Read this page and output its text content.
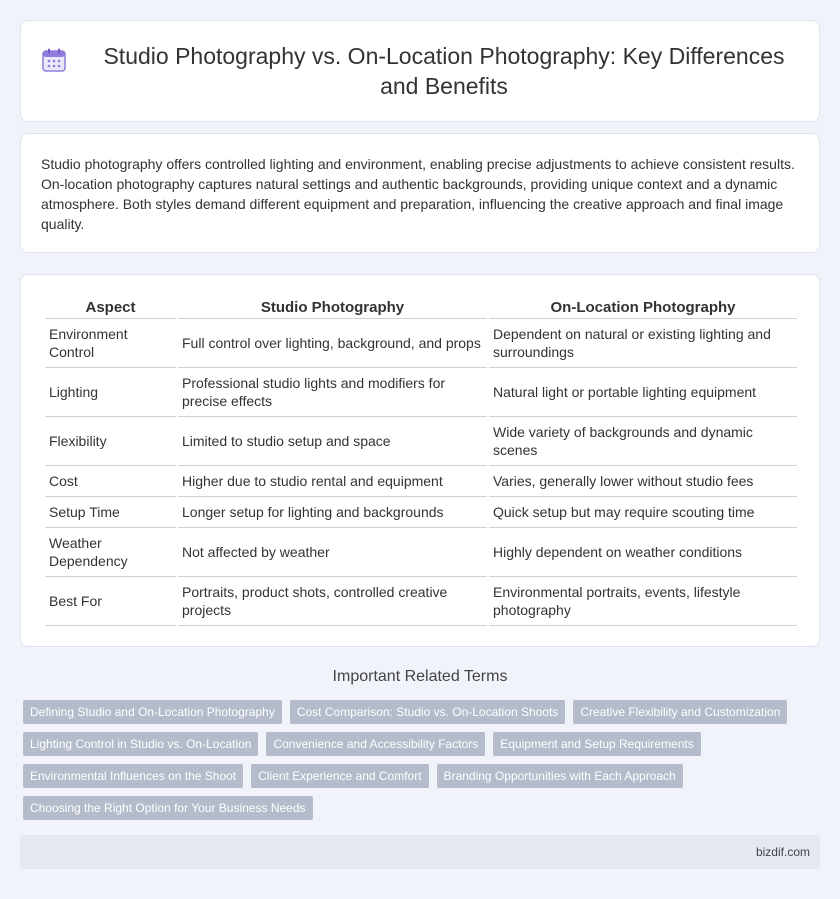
Studio Photography vs. On-Location Photography: Key Differences and Benefits

Studio photography offers controlled lighting and environment, enabling precise adjustments to achieve consistent results. On-location photography captures natural settings and authentic backgrounds, providing unique context and a dynamic atmosphere. Both styles demand different equipment and preparation, influencing the creative approach and final image quality.

Aspect	Studio Photography	On-Location Photography
Environment Control	Full control over lighting, background, and props	Dependent on natural or existing lighting and surroundings
Lighting	Professional studio lights and modifiers for precise effects	Natural light or portable lighting equipment
Flexibility	Limited to studio setup and space	Wide variety of backgrounds and dynamic scenes
Cost	Higher due to studio rental and equipment	Varies, generally lower without studio fees
Setup Time	Longer setup for lighting and backgrounds	Quick setup but may require scouting time
Weather Dependency	Not affected by weather	Highly dependent on weather conditions
Best For	Portraits, product shots, controlled creative projects	Environmental portraits, events, lifestyle photography
Important Related Terms
Defining Studio and On-Location Photography	Cost Comparison: Studio vs. On-Location Shoots	Creative Flexibility and Customization
Lighting Control in Studio vs. On-Location	Convenience and Accessibility Factors	Equipment and Setup Requirements
Environmental Influences on the Shoot	Client Experience and Comfort	Branding Opportunities with Each Approach
Choosing the Right Option for Your Business Needs
bizdif.com
